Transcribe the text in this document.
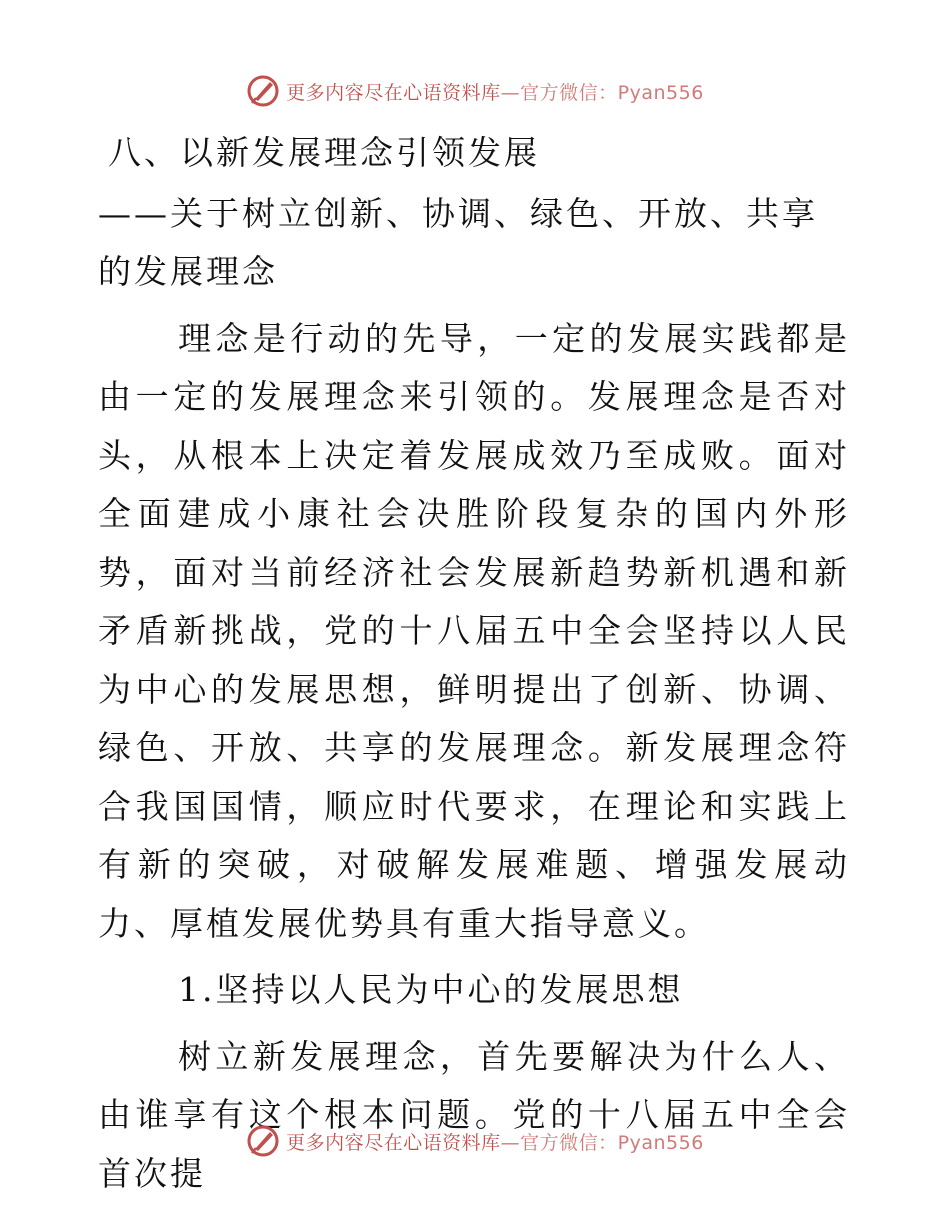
更多内容尽在心语资料库 —官方微信：Pyan556

八、以新发展理念引领发展

——关于树立创新、协调、绿色、开放、共享的发展理念

理念是行动的先导，一定的发展实践都是由一定的发展理念来引领的。发展理念是否对头，从根本上决定着发展成效乃至成败。面对全面建成小康社会决胜阶段复杂的国内外形势，面对当前经济社会发展新趋势新机遇和新矛盾新挑战，党的十八届五中全会坚持以人民为中心的发展思想，鲜明提出了创新、协调、绿色、开放、共享的发展理念。新发展理念符合我国国情，顺应时代要求，在理论和实践上有新的突破，对破解发展难题、增强发展动力、厚植发展优势具有重大指导意义。

1.坚持以人民为中心的发展思想

树立新发展理念，首先要解决为什么人、由谁享有这个根本问题。党的十八届五中全会首次提

更多内容尽在心语资料库 —官方微信：Pyan556
